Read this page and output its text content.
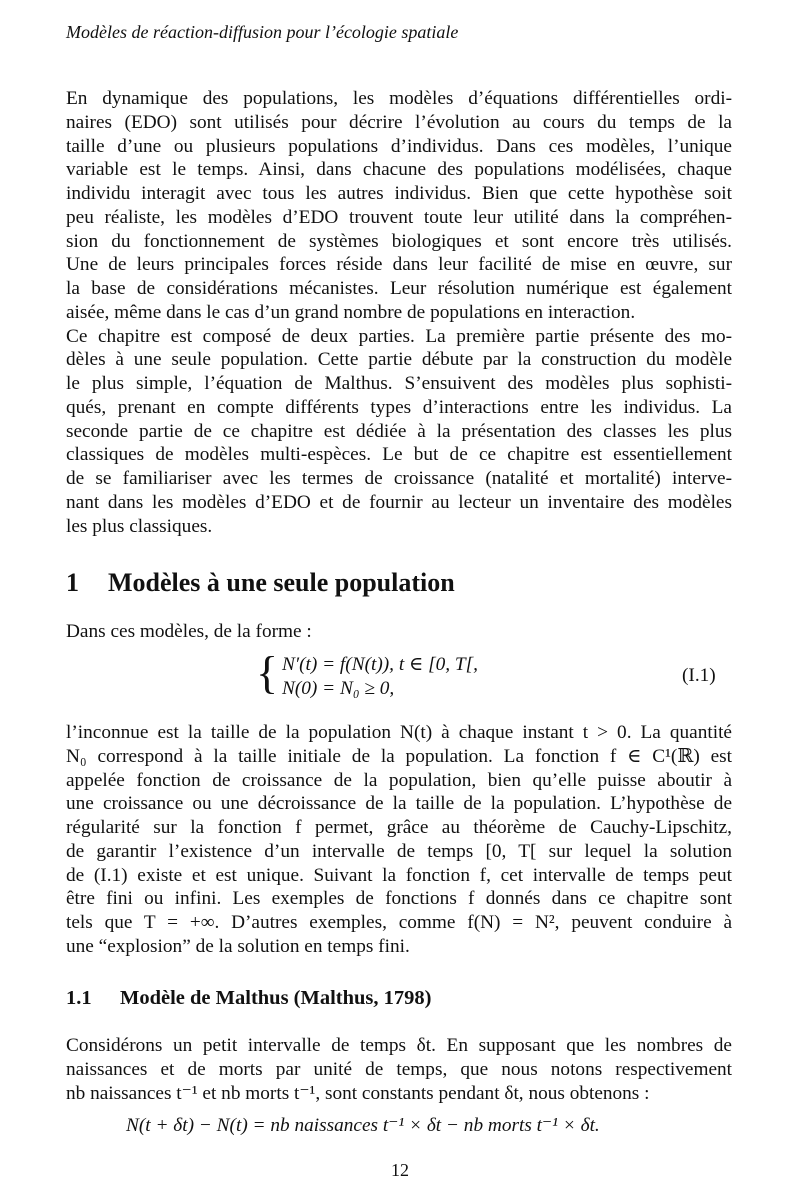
Modèles de réaction-diffusion pour l’écologie spatiale
En dynamique des populations, les modèles d’équations différentielles ordi-
naires (EDO) sont utilisés pour décrire l’évolution au cours du temps de la
taille d’une ou plusieurs populations d’individus. Dans ces modèles, l’unique
variable est le temps. Ainsi, dans chacune des populations modélisées, chaque
individu interagit avec tous les autres individus. Bien que cette hypothèse soit
peu réaliste, les modèles d’EDO trouvent toute leur utilité dans la compréhen-
sion du fonctionnement de systèmes biologiques et sont encore très utilisés.
Une de leurs principales forces réside dans leur facilité de mise en œuvre, sur
la base de considérations mécanistes. Leur résolution numérique est également
aisée, même dans le cas d’un grand nombre de populations en interaction.
Ce chapitre est composé de deux parties. La première partie présente des mo-
dèles à une seule population. Cette partie débute par la construction du modèle
le plus simple, l’équation de Malthus. S’ensuivent des modèles plus sophisti-
qués, prenant en compte différents types d’interactions entre les individus. La
seconde partie de ce chapitre est dédiée à la présentation des classes les plus
classiques de modèles multi-espèces. Le but de ce chapitre est essentiellement
de se familiariser avec les termes de croissance (natalité et mortalité) interve-
nant dans les modèles d’EDO et de fournir au lecteur un inventaire des modèles
les plus classiques.
1 Modèles à une seule population
Dans ces modèles, de la forme :
{ N′(t) = f(N(t)), t ∈ [0, T[,
N(0) = N₀ ≥ 0,
(I.1)
l’inconnue est la taille de la population N(t) à chaque instant t > 0. La quantité
N₀ correspond à la taille initiale de la population. La fonction f ∈ C¹(ℝ) est
appelée fonction de croissance de la population, bien qu’elle puisse aboutir à
une croissance ou une décroissance de la taille de la population. L’hypothèse de
régularité sur la fonction f permet, grâce au théorème de Cauchy-Lipschitz,
de garantir l’existence d’un intervalle de temps [0, T[ sur lequel la solution
de (I.1) existe et est unique. Suivant la fonction f, cet intervalle de temps peut
être fini ou infini. Les exemples de fonctions f donnés dans ce chapitre sont
tels que T = +∞. D’autres exemples, comme f(N) = N², peuvent conduire à
une “explosion” de la solution en temps fini.
1.1 Modèle de Malthus (Malthus, 1798)
Considérons un petit intervalle de temps δt. En supposant que les nombres de
naissances et de morts par unité de temps, que nous notons respectivement
nb naissances t⁻¹ et nb morts t⁻¹, sont constants pendant δt, nous obtenons :
N(t + δt) − N(t) = nb naissances t⁻¹ × δt − nb morts t⁻¹ × δt.
12
